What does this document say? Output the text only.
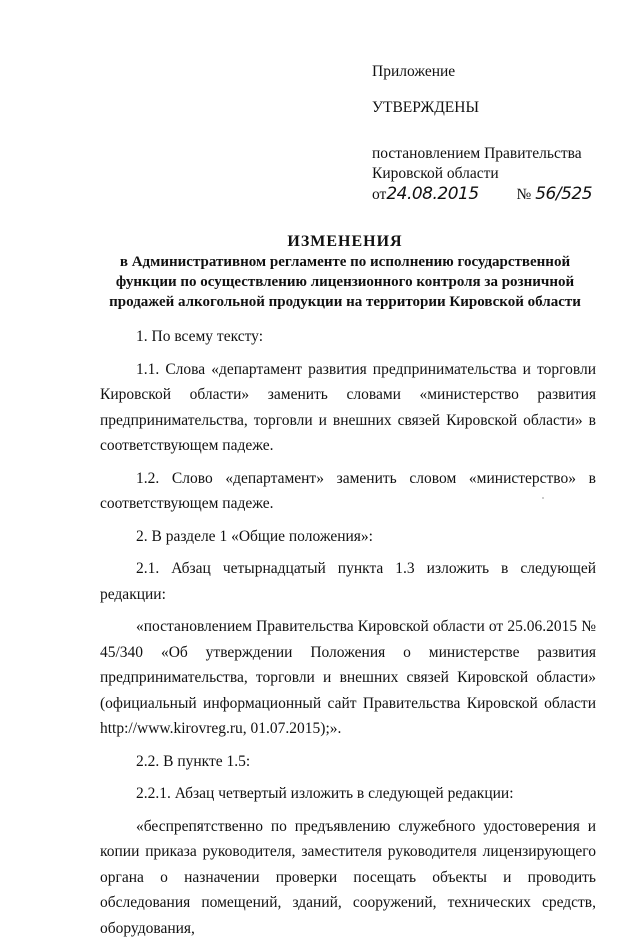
Приложение
УТВЕРЖДЕНЫ
постановлением Правительства
Кировской области
от24.08.2015 № 56/525
ИЗМЕНЕНИЯ
в Административном регламенте по исполнению государственной
функции по осуществлению лицензионного контроля за розничной
продажей алкогольной продукции на территории Кировской области

1. По всему тексту:

1.1. Слова «департамент развития предпринимательства и торговли Кировской области» заменить словами «министерство развития предпринимательства, торговли и внешних связей Кировской области» в соответствующем падеже.

1.2. Слово «департамент» заменить словом «министерство» в соответствующем падеже.

2. В разделе 1 «Общие положения»:

2.1. Абзац четырнадцатый пункта 1.3 изложить в следующей редакции:

«постановлением Правительства Кировской области от 25.06.2015 № 45/340 «Об утверждении Положения о министерстве развития предпринимательства, торговли и внешних связей Кировской области» (официальный информационный сайт Правительства Кировской области http://www.kirovreg.ru, 01.07.2015);».

2.2. В пункте 1.5:

2.2.1. Абзац четвертый изложить в следующей редакции:

«беспрепятственно по предъявлению служебного удостоверения и копии приказа руководителя, заместителя руководителя лицензирующего органа о назначении проверки посещать объекты и проводить обследования помещений, зданий, сооружений, технических средств, оборудования,
